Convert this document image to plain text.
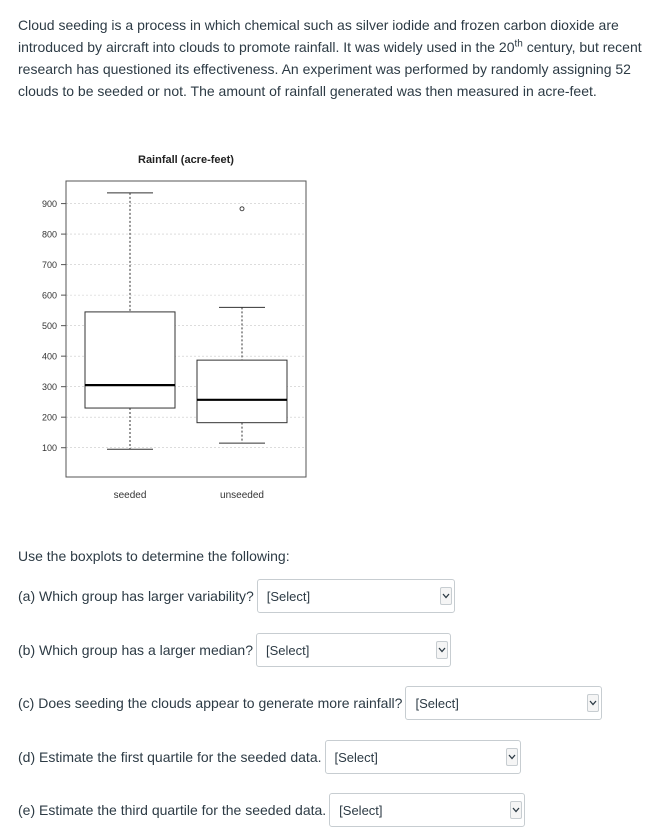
Cloud seeding is a process in which chemical such as silver iodide and frozen carbon dioxide are introduced by aircraft into clouds to promote rainfall. It was widely used in the 20th century, but recent research has questioned its effectiveness. An experiment was performed by randomly assigning 52 clouds to be seeded or not. The amount of rainfall generated was then measured in acre-feet.
Rainfall (acre-feet)
100
200
300
400
500
600
700
800
900
seeded	unseeded
Use the boxplots to determine the following:
(a) Which group has larger variability? [Select]
(b) Which group has a larger median? [Select]
(c) Does seeding the clouds appear to generate more rainfall? [Select]
(d) Estimate the first quartile for the seeded data. [Select]
(e) Estimate the third quartile for the seeded data. [Select]
